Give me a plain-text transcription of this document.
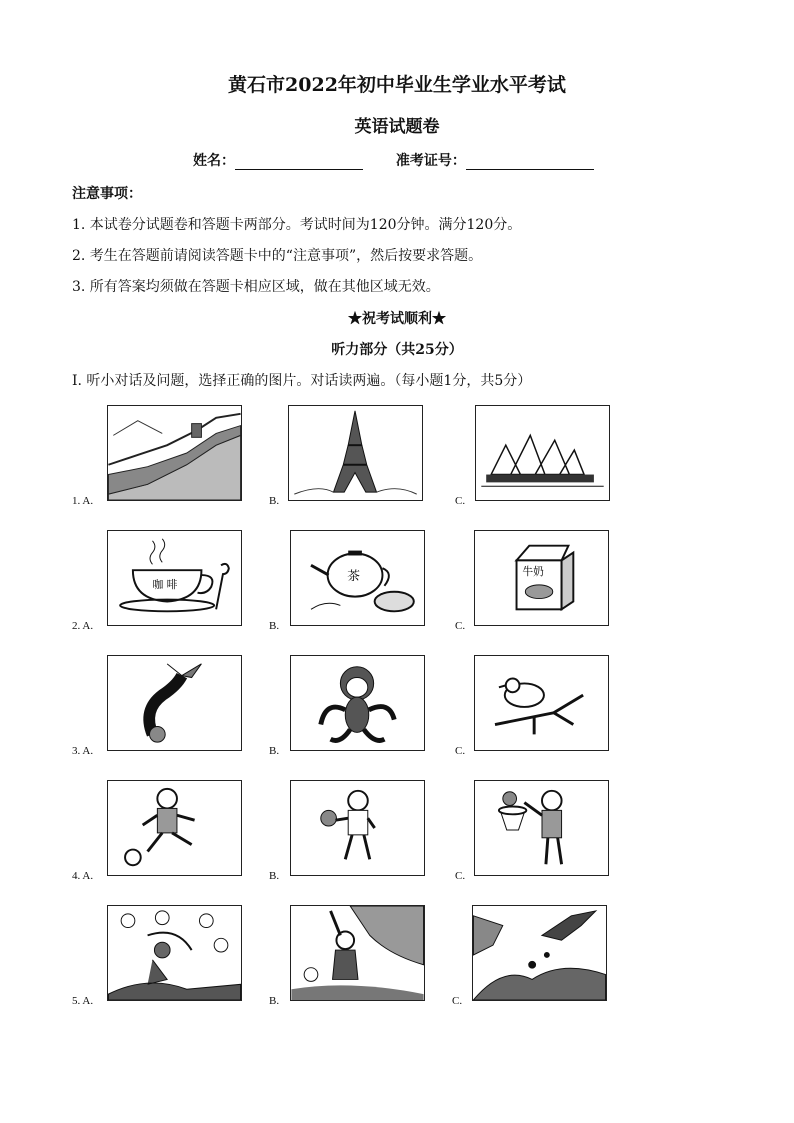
黄石市2022年初中毕业生学业水平考试
英语试题卷
姓名：	准考证号：
注意事项：
1. 本试卷分试题卷和答题卡两部分。考试时间为120分钟。满分120分。
2. 考生在答题前请阅读答题卡中的“注意事项”，然后按要求答题。
3. 所有答案均须做在答题卡相应区域，做在其他区域无效。
★祝考试顺利★
听力部分（共25分）
Ⅰ. 听小对话及问题，选择正确的图片。对话读两遍。（每小题1分，共5分）
1. A.	B.	C.
2. A.
咖 啡
B.
茶
C.
牛奶
3. A.	B.	C.
4. A.	B.	C.
5. A.	B.	C.
